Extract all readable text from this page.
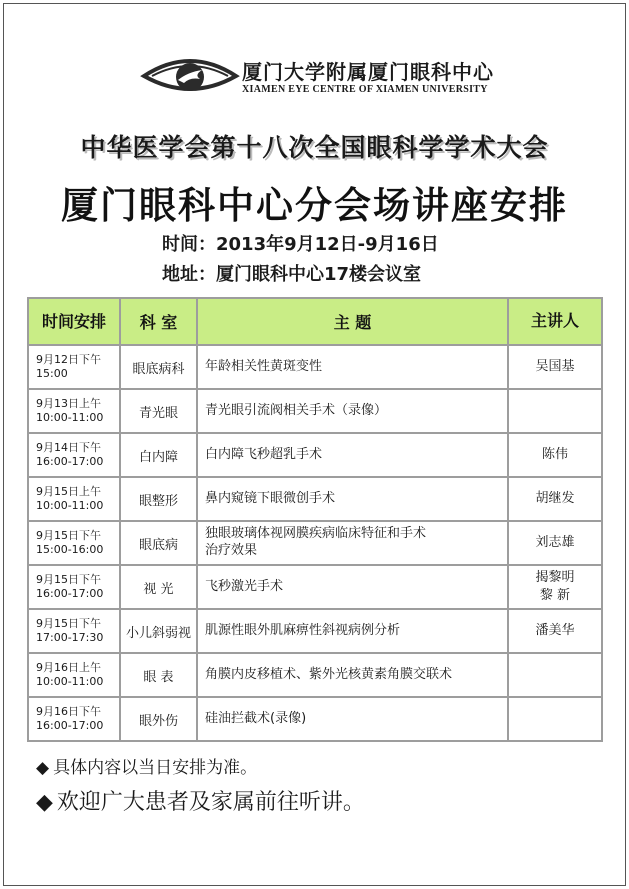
厦门大学附属厦门眼科中心
XIAMEN EYE CENTRE OF XIAMEN UNIVERSITY
中华医学会第十八次全国眼科学学术大会
厦门眼科中心分会场讲座安排
时间：2013年9月12日-9月16日
地址：厦门眼科中心17楼会议室
时间安排	科 室	主 题	主讲人

9月12日下午
15:00	眼底病科	年龄相关性黄斑变性	吴国基

9月13日上午
10:00-11:00	青光眼	青光眼引流阀相关手术（录像）	

9月14日下午
16:00-17:00	白内障	白内障飞秒超乳手术	陈伟

9月15日上午
10:00-11:00	眼整形	鼻内窥镜下眼微创手术	胡继发

9月15日下午
15:00-16:00	眼底病	独眼玻璃体视网膜疾病临床特征和手术
治疗效果	刘志雄

9月15日下午
16:00-17:00	视 光	飞秒激光手术	揭黎明
黎 新

9月15日下午
17:00-17:30	小儿斜弱视	肌源性眼外肌麻痹性斜视病例分析	潘美华

9月16日上午
10:00-11:00	眼 表	角膜内皮移植术、紫外光核黄素角膜交联术	

9月16日下午
16:00-17:00	眼外伤	硅油拦截术(录像)	

◆ 具体内容以当日安排为准。
◆ 欢迎广大患者及家属前往听讲。
